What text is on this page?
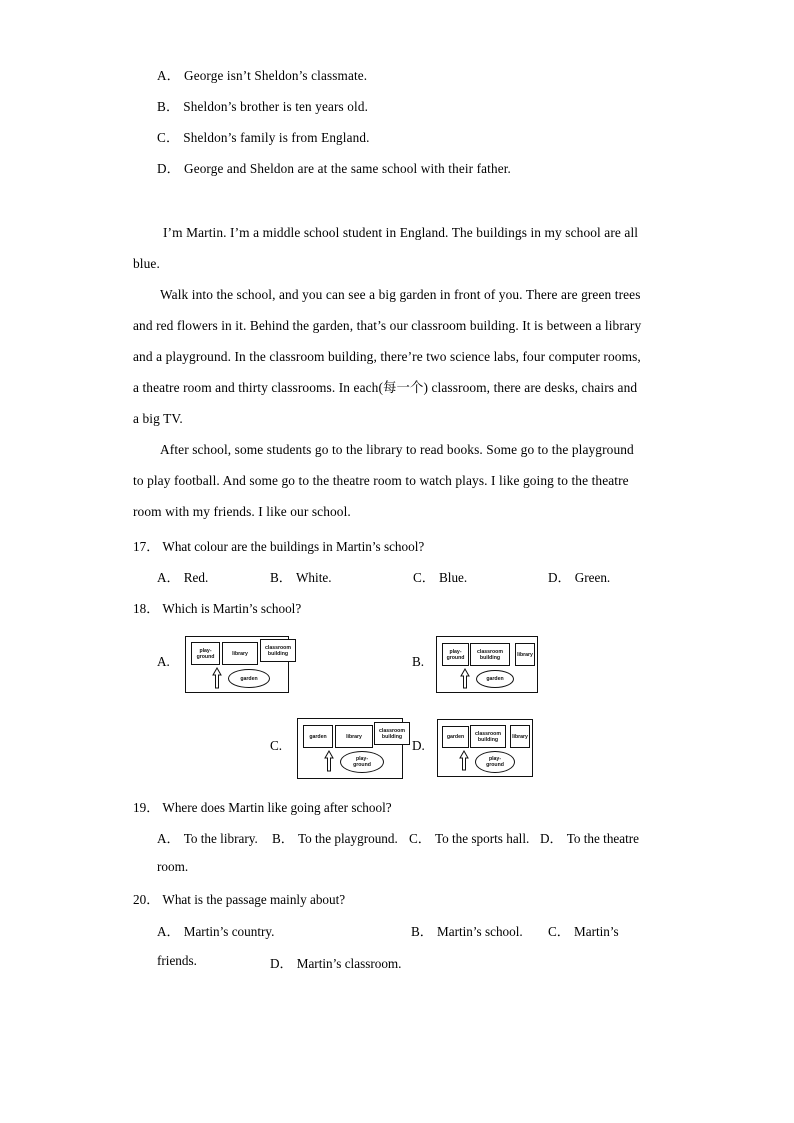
A． George isn’t Sheldon’s classmate.
B． Sheldon’s brother is ten years old.
C． Sheldon’s family is from England.
D． George and Sheldon are at the same school with their father.
I’m Martin. I’m a middle school student in England. The buildings in my school are all
blue.
Walk into the school, and you can see a big garden in front of you. There are green trees
and red flowers in it. Behind the garden, that’s our classroom building. It is between a library
and a playground. In the classroom building, there’re two science labs, four computer rooms,
a theatre room and thirty classrooms. In each(每一个) classroom, there are desks, chairs and
a big TV.
After school, some students go to the library to read books. Some go to the playground
to play football. And some go to the theatre room to watch plays. I like going to the theatre
room with my friends. I like our school.
17． What colour are the buildings in Martin’s school?
A． Red.	B． White.	C． Blue.	D． Green.
18． Which is Martin’s school?
A.
play-
ground	library
classroom
building
garden
B.
play-
ground
classroom
building	library
garden
C.
garden	library
classroom
building
play-
ground
D.
garden
classroom
building	library
play-
ground
19． Where does Martin like going after school?
A． To the library. B． To the playground. C． To the sports hall. D． To the theatre
room.
20． What is the passage mainly about?
A． Martin’s country.	B． Martin’s school. C． Martin’s
friends.	D． Martin’s classroom.
